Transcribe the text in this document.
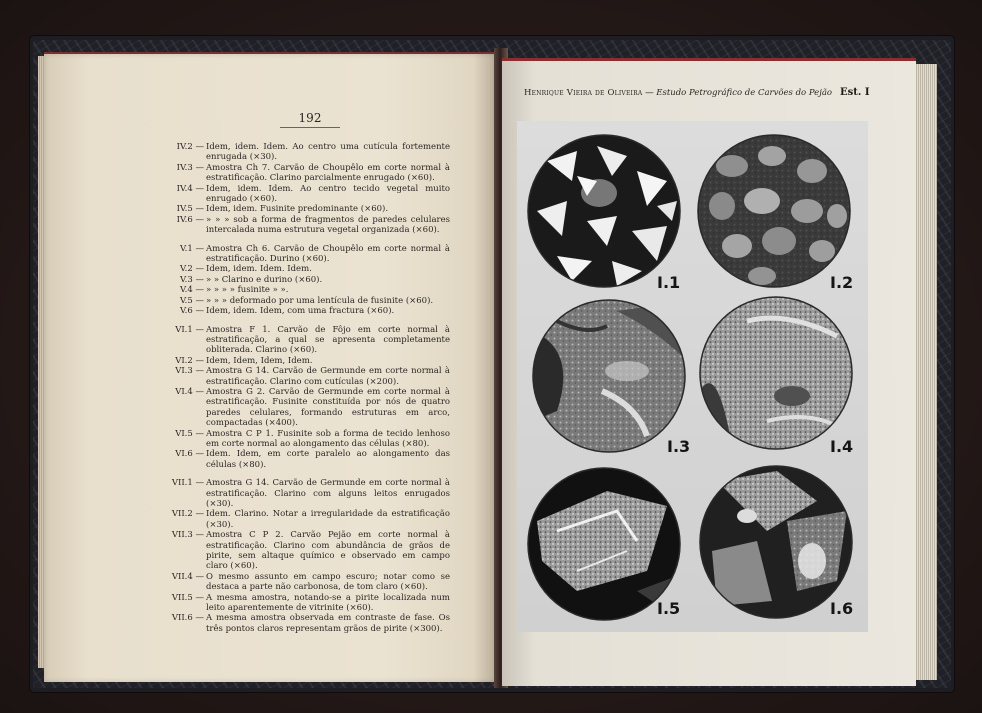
192
IV.2 — Idem, idem. Idem. Ao centro uma cutícula fortemente enrugada (×30).
IV.3 — Amostra Ch 7. Carvão de Choupêlo em corte normal à estratificação. Clarino parcialmente enrugado (×60).
IV.4 — Idem, idem. Idem. Ao centro tecido vegetal muito enrugado (×60).
IV.5 — Idem, idem. Fusinite predominante (×60).
IV.6 — » » » sob a forma de fragmentos de paredes celulares intercalada numa estrutura vegetal organizada (×60).
V.1 — Amostra Ch 6. Carvão de Choupêlo em corte normal à estratificação. Durino (×60).
V.2 — Idem, idem. Idem. Idem.
V.3 — » » Clarino e durino (×60).
V.4 — » » » » fusinite » ».
V.5 — » » » deformado por uma lentícula de fusinite (×60).
V.6 — Idem, idem. Idem, com uma fractura (×60).
VI.1 — Amostra F 1. Carvão de Fôjo em corte normal à estratificação, a qual se apresenta completamente obliterada. Clarino (×60).
VI.2 — Idem, Idem, Idem, Idem.
VI.3 — Amostra G 14. Carvão de Germunde em corte normal à estratificação. Clarino com cutículas (×200).
VI.4 — Amostra G 2. Carvão de Germunde em corte normal à estratificação. Fusinite constituída por nós de quatro paredes celulares, formando estruturas em arco, compactadas (×400).
VI.5 — Amostra C P 1. Fusinite sob a forma de tecido lenhoso em corte normal ao alongamento das células (×80).
VI.6 — Idem. Idem, em corte paralelo ao alongamento das células (×80).
VII.1 — Amostra G 14. Carvão de Germunde em corte normal à estratificação. Clarino com alguns leitos enrugados (×30).
VII.2 — Idem. Clarino. Notar a irregularidade da estratificação (×30).
VII.3 — Amostra C P 2. Carvão Pejão em corte normal à estratificação. Clarino com abundância de grãos de pirite, sem altaque químico e observado em campo claro (×60).
VII.4 — O mesmo assunto em campo escuro; notar como se destaca a parte não carbonosa, de tom claro (×60).
VII.5 — A mesma amostra, notando-se a pirite localizada num leito aparentemente de vitrinite (×60).
VII.6 — A mesma amostra observada em contraste de fase. Os três pontos claros representam grãos de pirite (×300).
Henrique Vieira de Oliveira — Estudo Petrográfico de Carvões do Pejão Est. I
I.1	I.2
I.3	I.4
I.5	I.6
